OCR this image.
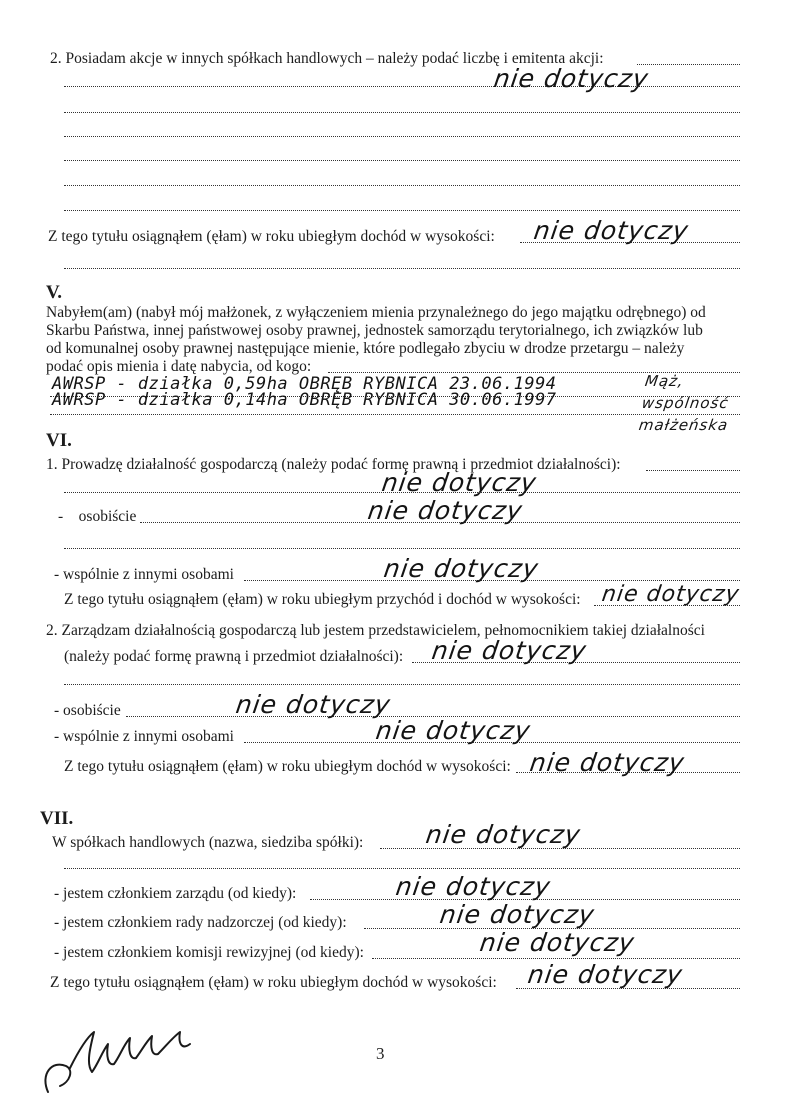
2. Posiadam akcje w innych spółkach handlowych – należy podać liczbę i emitenta akcji:
nie dotyczy
Z tego tytułu osiągnąłem (ęłam) w roku ubiegłym dochód w wysokości: nie dotyczy
V.
Nabyłem(am) (nabył mój małżonek, z wyłączeniem mienia przynależnego do jego majątku odrębnego) od
Skarbu Państwa, innej państwowej osoby prawnej, jednostek samorządu terytorialnego, ich związków lub
od komunalnej osoby prawnej następujące mienie, które podlegało zbyciu w drodze przetargu – należy
podać opis mienia i datę nabycia, od kogo:
AWRSP - działka 0,59ha OBRĘB RYBNICA 23.06.1994
AWRSP - działka 0,14ha OBRĘB RYBNICA 30.06.1997
Mąż, wspólność małżeńska
VI.
1. Prowadzę działalność gospodarczą (należy podać formę prawną i przedmiot działalności):
nie dotyczy
-    osobiście	nie dotyczy
- wspólnie z innymi osobami	nie dotyczy
Z tego tytułu osiągnąłem (ęłam) w roku ubiegłym przychód i dochód w wysokości: nie dotyczy
2. Zarządzam działalnością gospodarczą lub jestem przedstawicielem, pełnomocnikiem takiej działalności
(należy podać formę prawną i przedmiot działalności): nie dotyczy
- osobiście	nie dotyczy
- wspólnie z innymi osobami	nie dotyczy
Z tego tytułu osiągnąłem (ęłam) w roku ubiegłym dochód w wysokości: nie dotyczy
VII.
W spółkach handlowych (nazwa, siedziba spółki): nie dotyczy
- jestem członkiem zarządu (od kiedy):	nie dotyczy
- jestem członkiem rady nadzorczej (od kiedy):	nie dotyczy
- jestem członkiem komisji rewizyjnej (od kiedy):	nie dotyczy
Z tego tytułu osiągnąłem (ęłam) w roku ubiegłym dochód w wysokości: nie dotyczy
3
